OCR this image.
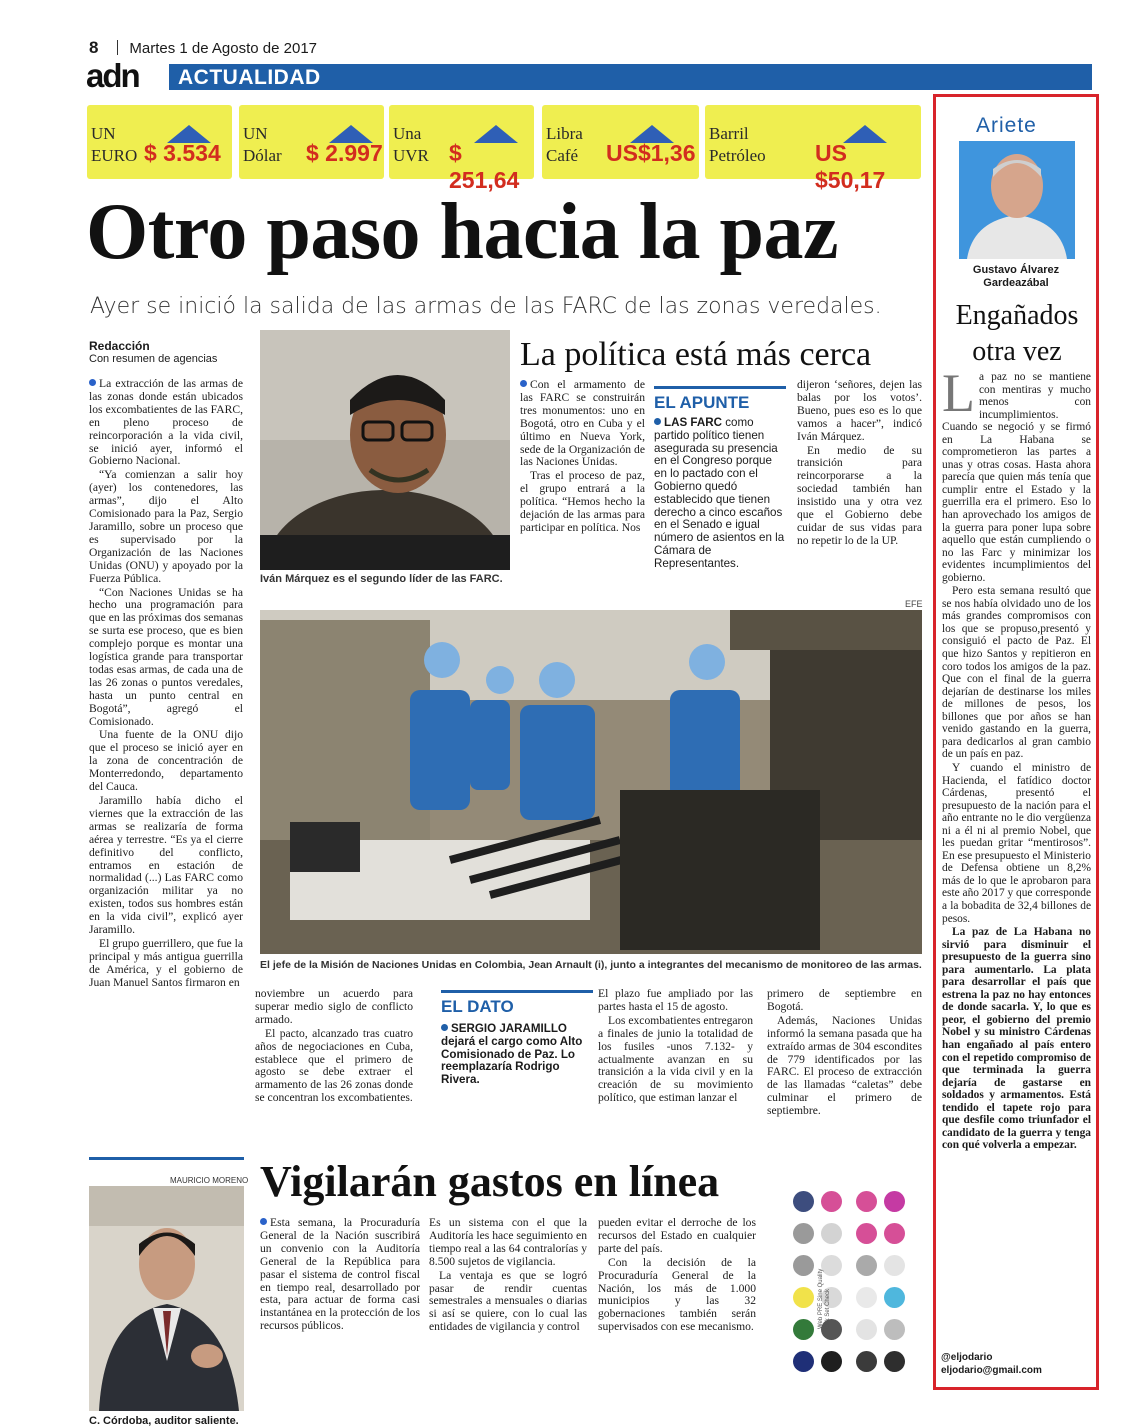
8 Martes 1 de Agosto de 2017
adn ACTUALIDAD
UN
EURO $ 3.534
UN
Dólar $ 2.997
Una
UVR $ 251,64
Libra
Café US$1,36
Barril
Petróleo US $50,17
Otro paso hacia la paz
Ayer se inició la salida de las armas de las FARC de las zonas veredales.
Redacción
Con resumen de agencias

La extracción de las armas de las zonas donde están ubicados los excombatientes de las FARC, en pleno proceso de reincorporación a la vida civil, se inició ayer, informó el Gobierno Nacional.

“Ya comienzan a salir hoy (ayer) los contenedores, las armas”, dijo el Alto Comisionado para la Paz, Sergio Jaramillo, sobre un proceso que es supervisado por la Organización de las Naciones Unidas (ONU) y apoyado por la Fuerza Pública.

“Con Naciones Unidas se ha hecho una programación para que en las próximas dos semanas se surta ese proceso, que es bien complejo porque es montar una logística grande para transportar todas esas armas, de cada una de las 26 zonas o puntos veredales, hasta un punto central en Bogotá”, agregó el Comisionado.

Una fuente de la ONU dijo que el proceso se inició ayer en la zona de concentración de Monterredondo, departamento del Cauca.

Jaramillo había dicho el viernes que la extracción de las armas se realizaría de forma aérea y terrestre. “Es ya el cierre definitivo del conflicto, entramos en estación de normalidad (...) Las FARC como organización militar ya no existen, todos sus hombres están en la vida civil”, explicó ayer Jaramillo.

El grupo guerrillero, que fue la principal y más antigua guerrilla de América, y el gobierno de Juan Manuel Santos firmaron en

Iván Márquez es el segundo líder de las FARC.
La política está más cerca

Con el armamento de las FARC se construirán tres monumentos: uno en Bogotá, otro en Cuba y el último en Nueva York, sede de la Organización de las Naciones Unidas.

Tras el proceso de paz, el grupo entrará a la política. “Hemos hecho la dejación de las armas para participar en política. Nos

EL APUNTE
LAS FARC como partido político tienen asegurada su presencia en el Congreso porque en lo pactado con el Gobierno quedó establecido que tienen derecho a cinco escaños en el Senado e igual número de asientos en la Cámara de Representantes.

dijeron ‘señores, dejen las balas por los votos’. Bueno, pues eso es lo que vamos a hacer”, indicó Iván Márquez.

En medio de su transición para reincorporarse a la sociedad también han insistido una y otra vez que el Gobierno debe cuidar de sus vidas para no repetir lo de la UP.

EFE
El jefe de la Misión de Naciones Unidas en Colombia, Jean Arnault (i), junto a integrantes del mecanismo de monitoreo de las armas.

noviembre un acuerdo para superar medio siglo de conflicto armado.

El pacto, alcanzado tras cuatro años de negociaciones en Cuba, establece que el primero de agosto se debe extraer el armamento de las 26 zonas donde se concentran los excombatientes.

EL DATO
SERGIO JARAMILLO dejará el cargo como Alto Comisionado de Paz. Lo reemplazaría Rodrigo Rivera.

El plazo fue ampliado por las partes hasta el 15 de agosto.

Los excombatientes entregaron a finales de junio la totalidad de los fusiles -unos 7.132- y actualmente avanzan en su transición a la vida civil y en la creación de su movimiento político, que estiman lanzar el

primero de septiembre en Bogotá.

Además, Naciones Unidas informó la semana pasada que ha extraído armas de 304 escondites de 779 identificados por las FARC. El proceso de extracción de las llamadas “caletas” debe culminar el primero de septiembre.

MAURICIO MORENO
C. Córdoba, auditor saliente.
Vigilarán gastos en línea

Esta semana, la Procuraduría General de la Nación suscribirá un convenio con la Auditoría General de la República para pasar el sistema de control fiscal en tiempo real, desarrollado por esta, para actuar de forma casi instantánea en la protección de los recursos públicos.

Es un sistema con el que la Auditoría les hace seguimiento en tiempo real a las 64 contralorías y 8.500 sujetos de vigilancia.

La ventaja es que se logró pasar de rendir cuentas semestrales a mensuales o diarias si así se quiere, con lo cual las entidades de vigilancia y control

pueden evitar el derroche de los recursos del Estado en cualquier parte del país.

Con la decisión de la Procuraduría General de la Nación, los más de 1.000 municipios y las 32 gobernaciones también serán supervisados con ese mecanismo.	Web PRE Sine Quality Chk Set Check
Ariete
Gustavo Álvarez Gardeazábal
Engañados
otra vez

La paz no se mantiene con mentiras y mucho menos con incumplimientos. Cuando se negoció y se firmó en La Habana se comprometieron las partes a unas y otras cosas. Hasta ahora parecía que quien más tenía que cumplir entre el Estado y la guerrilla era el primero. Eso lo han aprovechado los amigos de la guerra para poner lupa sobre aquello que están cumpliendo o no las Farc y minimizar los evidentes incumplimientos del gobierno.

Pero esta semana resultó que se nos había olvidado uno de los más grandes compromisos con los que se propuso,presentó y consiguió el pacto de Paz. El que hizo Santos y repitieron en coro todos los amigos de la paz. Que con el final de la guerra dejarían de destinarse los miles de millones de pesos, los billones que por años se han venido gastando en la guerra, para dedicarlos al gran cambio de un país en paz.

Y cuando el ministro de Hacienda, el fatídico doctor Cárdenas, presentó el presupuesto de la nación para el año entrante no le dio vergüenza ni a él ni al premio Nobel, que les puedan gritar “mentirosos”. En ese presupuesto el Ministerio de Defensa obtiene un 8,2% más de lo que le aprobaron para este año 2017 y que corresponde a la bobadita de 32,4 billones de pesos.

La paz de La Habana no sirvió para disminuir el presupuesto de la guerra sino para aumentarlo. La plata para desarrollar el país que estrena la paz no hay entonces de donde sacarla. Y, lo que es peor, el gobierno del premio Nobel y su ministro Cárdenas han engañado al país entero con el repetido compromiso de que terminada la guerra dejaría de gastarse en soldados y armamentos. Está tendido el tapete rojo para que desfile como triunfador el candidato de la guerra y tenga con qué volverla a empezar.

@eljodario
eljodario@gmail.com
